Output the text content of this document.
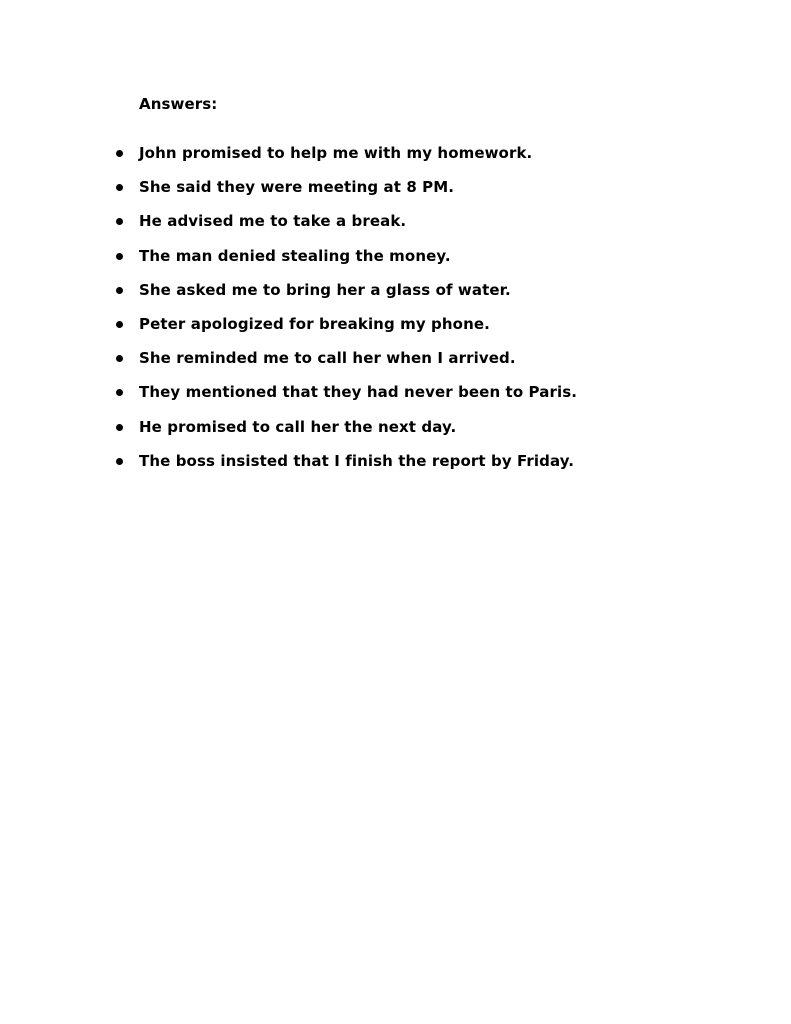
Answers:
John promised to help me with my homework.
She said they were meeting at 8 PM.
He advised me to take a break.
The man denied stealing the money.
She asked me to bring her a glass of water.
Peter apologized for breaking my phone.
She reminded me to call her when I arrived.
They mentioned that they had never been to Paris.
He promised to call her the next day.
The boss insisted that I finish the report by Friday.
